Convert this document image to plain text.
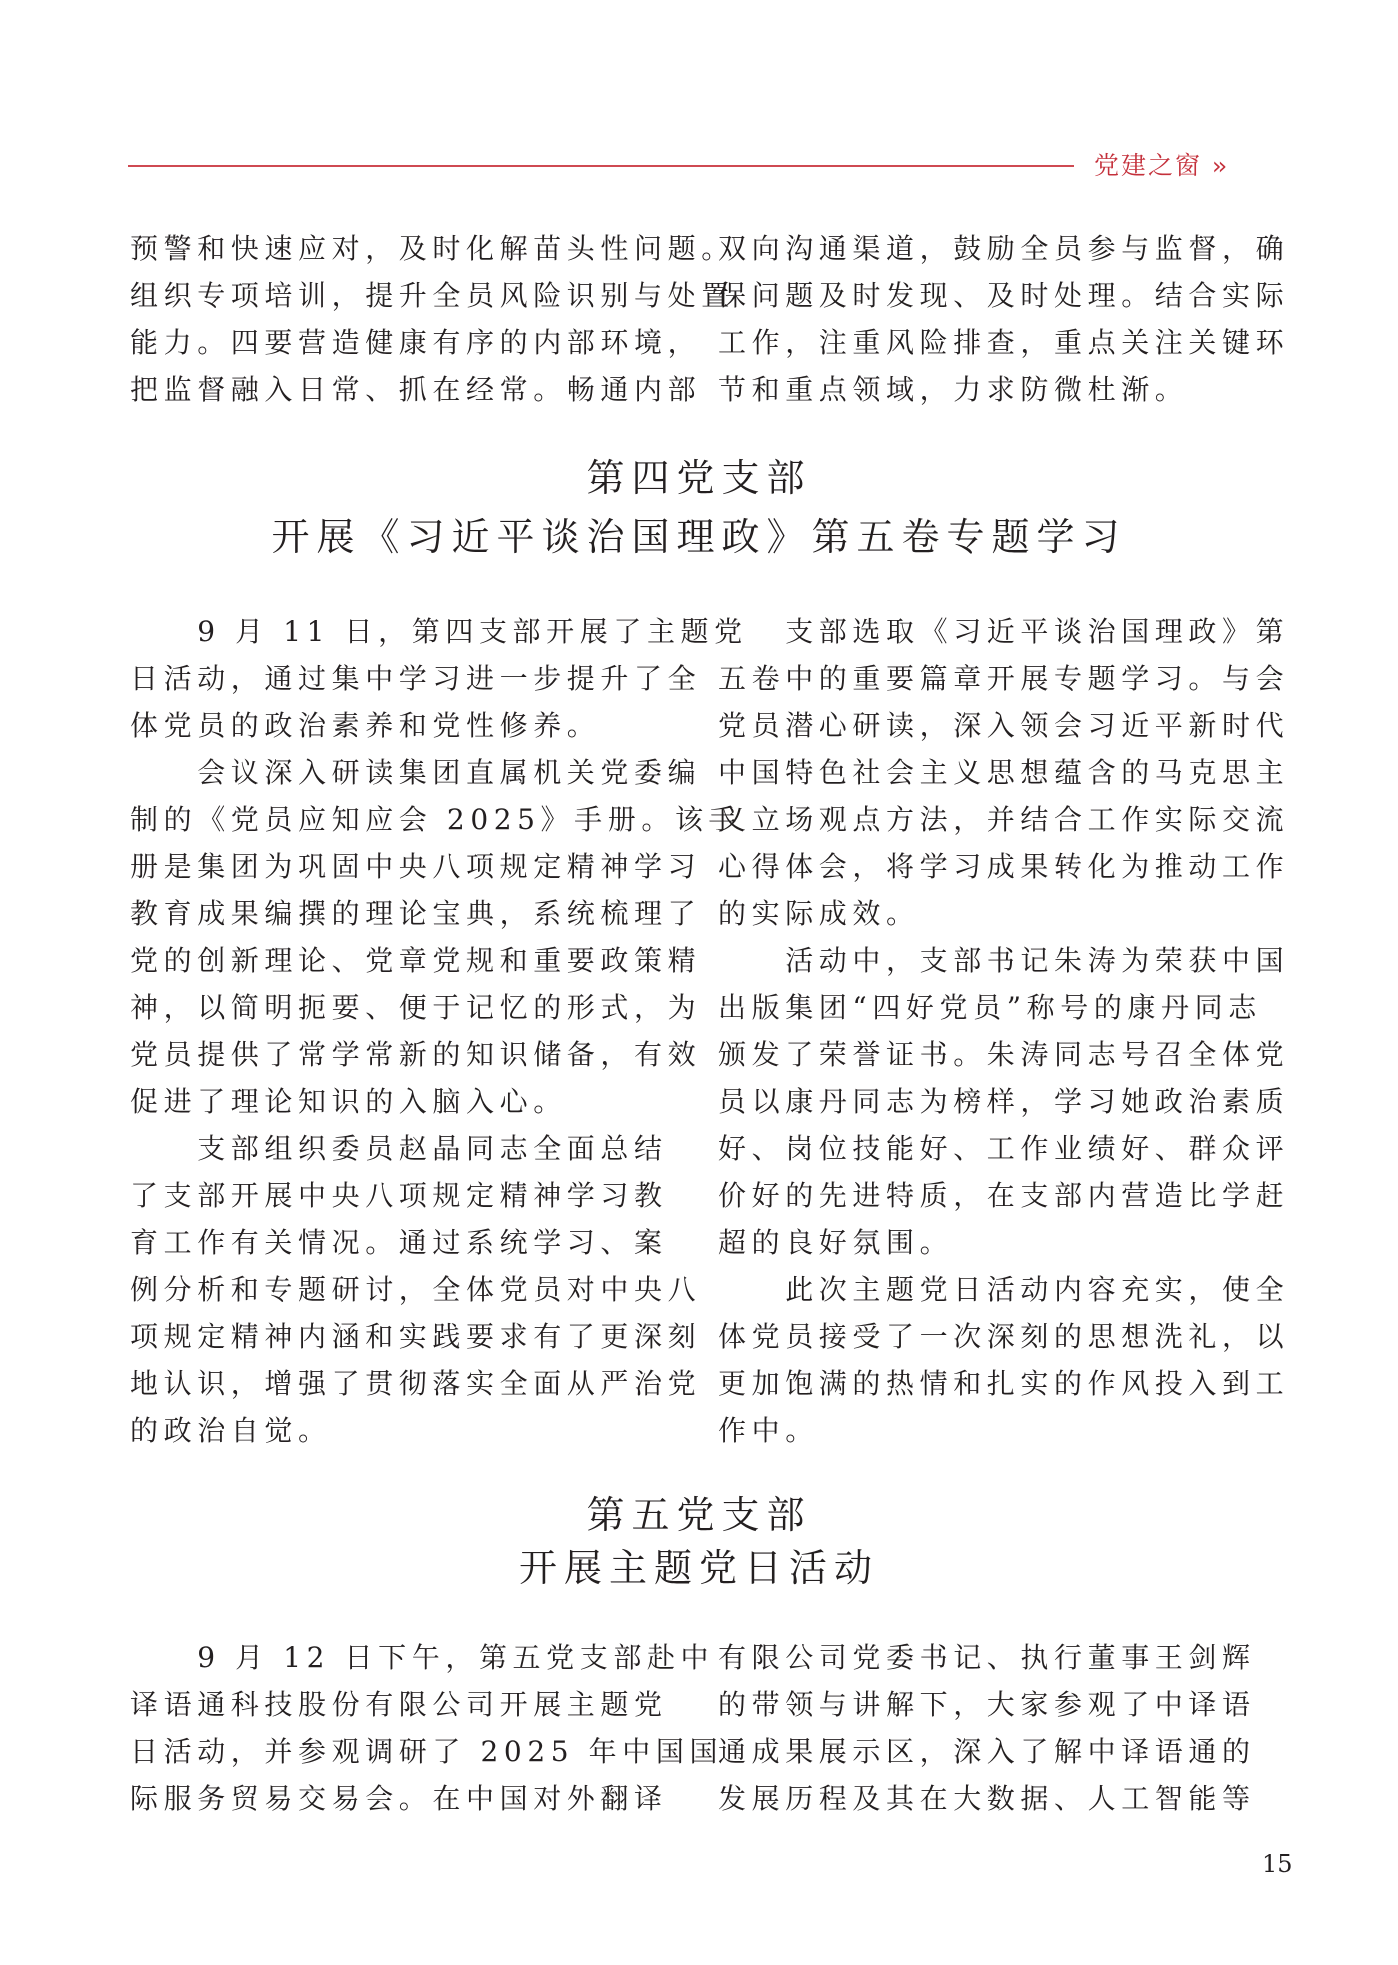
党建之窗 ››
预警和快速应对，及时化解苗头性问题。
组织专项培训，提升全员风险识别与处置
能力。四要营造健康有序的内部环境，
把监督融入日常、抓在经常。畅通内部
双向沟通渠道，鼓励全员参与监督，确
保问题及时发现、及时处理。结合实际
工作，注重风险排查，重点关注关键环
节和重点领域，力求防微杜渐。
第四党支部
开展《习近平谈治国理政》第五卷专题学习
　　9 月 11 日，第四支部开展了主题党
日活动，通过集中学习进一步提升了全
体党员的政治素养和党性修养。
　　会议深入研读集团直属机关党委编
制的《党员应知应会 2025》手册。该手
册是集团为巩固中央八项规定精神学习
教育成果编撰的理论宝典，系统梳理了
党的创新理论、党章党规和重要政策精
神，以简明扼要、便于记忆的形式，为
党员提供了常学常新的知识储备，有效
促进了理论知识的入脑入心。
　　支部组织委员赵晶同志全面总结
了支部开展中央八项规定精神学习教
育工作有关情况。通过系统学习、案
例分析和专题研讨，全体党员对中央八
项规定精神内涵和实践要求有了更深刻
地认识，增强了贯彻落实全面从严治党
的政治自觉。
　　支部选取《习近平谈治国理政》第
五卷中的重要篇章开展专题学习。与会
党员潜心研读，深入领会习近平新时代
中国特色社会主义思想蕴含的马克思主
义立场观点方法，并结合工作实际交流
心得体会，将学习成果转化为推动工作
的实际成效。
　　活动中，支部书记朱涛为荣获中国
出版集团“四好党员”称号的康丹同志
颁发了荣誉证书。朱涛同志号召全体党
员以康丹同志为榜样，学习她政治素质
好、岗位技能好、工作业绩好、群众评
价好的先进特质，在支部内营造比学赶
超的良好氛围。
　　此次主题党日活动内容充实，使全
体党员接受了一次深刻的思想洗礼，以
更加饱满的热情和扎实的作风投入到工
作中。
第五党支部
开展主题党日活动
　　9 月 12 日下午，第五党支部赴中
译语通科技股份有限公司开展主题党
日活动，并参观调研了 2025 年中国国
际服务贸易交易会。在中国对外翻译
有限公司党委书记、执行董事王剑辉
的带领与讲解下，大家参观了中译语
通成果展示区，深入了解中译语通的
发展历程及其在大数据、人工智能等
15
